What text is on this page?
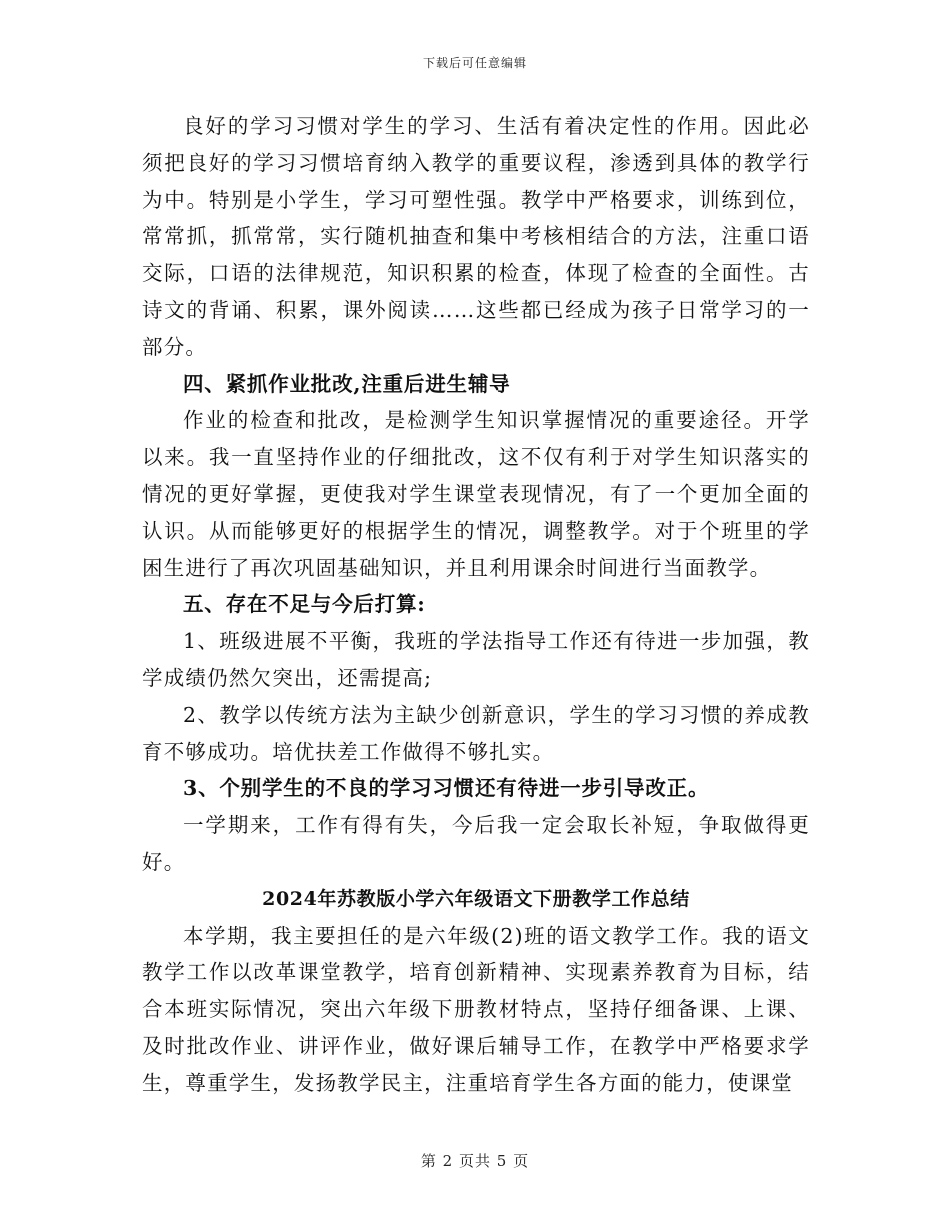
下载后可任意编辑

良好的学习习惯对学生的学习、生活有着决定性的作用。因此必须把良好的学习习惯培育纳入教学的重要议程，渗透到具体的教学行为中。特别是小学生，学习可塑性强。教学中严格要求，训练到位，常常抓，抓常常，实行随机抽查和集中考核相结合的方法，注重口语交际，口语的法律规范，知识积累的检查，体现了检查的全面性。古诗文的背诵、积累，课外阅读……这些都已经成为孩子日常学习的一部分。

四、紧抓作业批改,注重后进生辅导

作业的检查和批改，是检测学生知识掌握情况的重要途径。开学以来。我一直坚持作业的仔细批改，这不仅有利于对学生知识落实的情况的更好掌握，更使我对学生课堂表现情况，有了一个更加全面的认识。从而能够更好的根据学生的情况，调整教学。对于个班里的学困生进行了再次巩固基础知识，并且利用课余时间进行当面教学。

五、存在不足与今后打算:

1、班级进展不平衡，我班的学法指导工作还有待进一步加强，教学成绩仍然欠突出，还需提高;

2、教学以传统方法为主缺少创新意识，学生的学习习惯的养成教育不够成功。培优扶差工作做得不够扎实。

3、个别学生的不良的学习习惯还有待进一步引导改正。

一学期来，工作有得有失，今后我一定会取长补短，争取做得更好。

2024年苏教版小学六年级语文下册教学工作总结

本学期，我主要担任的是六年级(2)班的语文教学工作。我的语文教学工作以改革课堂教学，培育创新精神、实现素养教育为目标，结合本班实际情况，突出六年级下册教材特点，坚持仔细备课、上课、及时批改作业、讲评作业，做好课后辅导工作，在教学中严格要求学生，尊重学生，发扬教学民主，注重培育学生各方面的能力，使课堂

第 2 页共 5 页
